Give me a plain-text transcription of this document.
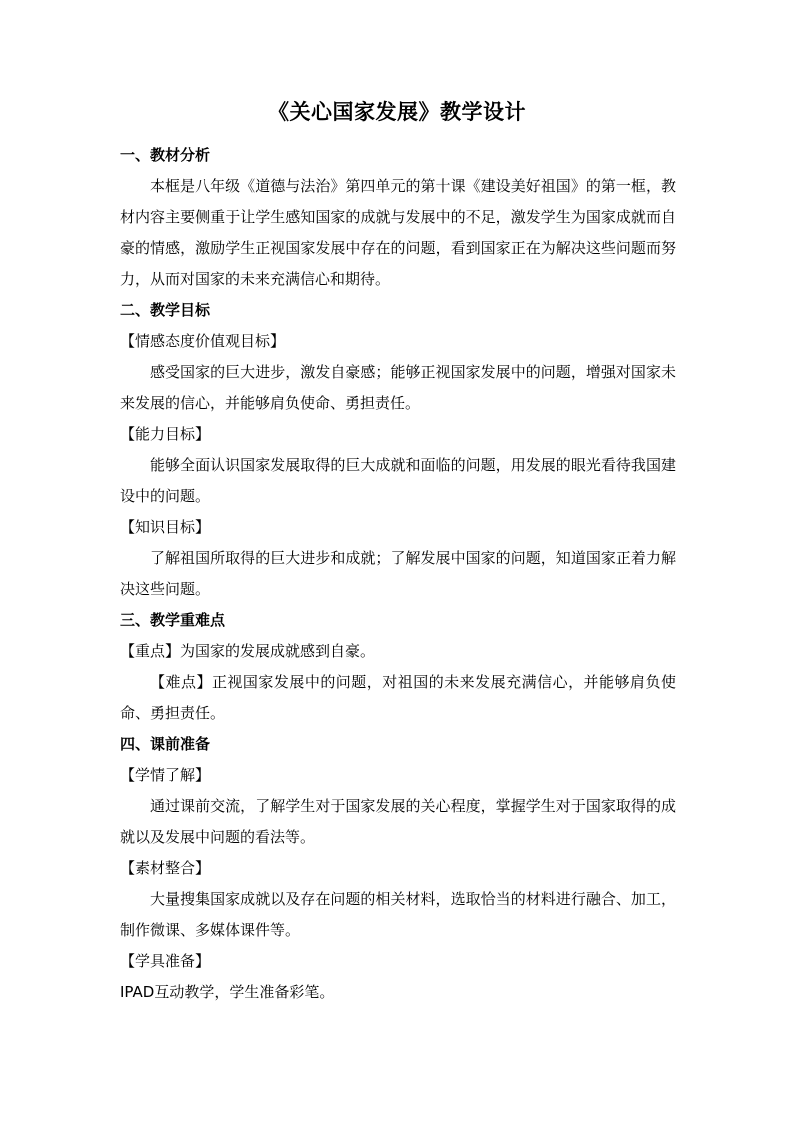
《关心国家发展》教学设计

一、教材分析

本框是八年级《道德与法治》第四单元的第十课《建设美好祖国》的第一框，教材内容主要侧重于让学生感知国家的成就与发展中的不足，激发学生为国家成就而自豪的情感，激励学生正视国家发展中存在的问题，看到国家正在为解决这些问题而努力，从而对国家的未来充满信心和期待。

二、教学目标

【情感态度价值观目标】

感受国家的巨大进步，激发自豪感；能够正视国家发展中的问题，增强对国家未来发展的信心，并能够肩负使命、勇担责任。

【能力目标】

能够全面认识国家发展取得的巨大成就和面临的问题，用发展的眼光看待我国建设中的问题。

【知识目标】

了解祖国所取得的巨大进步和成就；了解发展中国家的问题，知道国家正着力解决这些问题。

三、教学重难点

【重点】为国家的发展成就感到自豪。

【难点】正视国家发展中的问题，对祖国的未来发展充满信心，并能够肩负使命、勇担责任。

四、课前准备

【学情了解】

通过课前交流，了解学生对于国家发展的关心程度，掌握学生对于国家取得的成就以及发展中问题的看法等。

【素材整合】

大量搜集国家成就以及存在问题的相关材料，选取恰当的材料进行融合、加工，制作微课、多媒体课件等。

【学具准备】

IPAD互动教学，学生准备彩笔。
